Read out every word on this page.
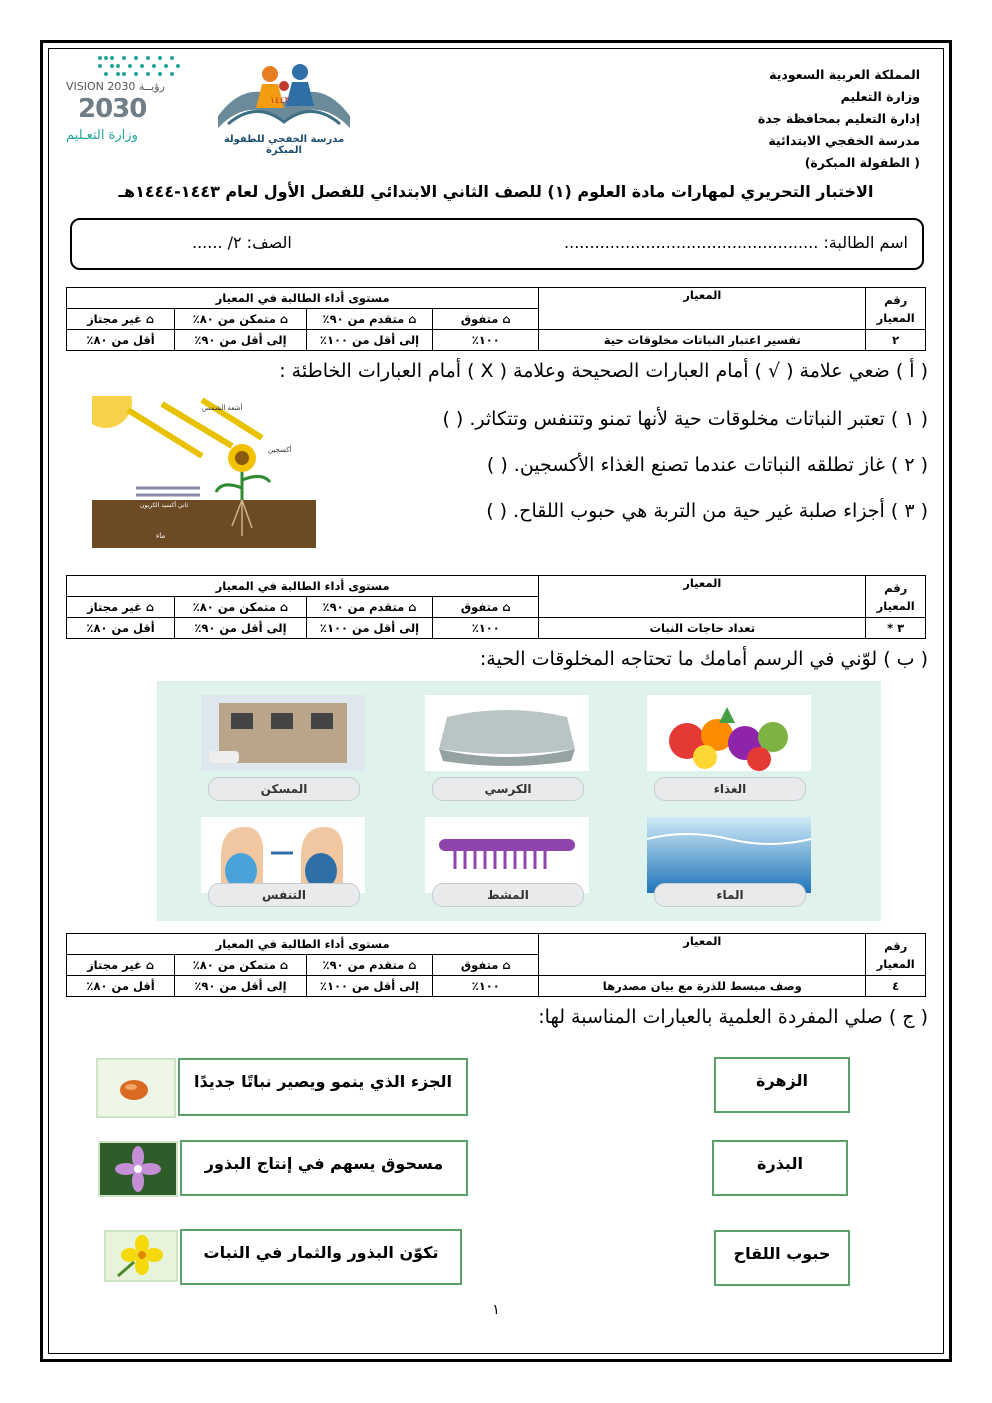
المملكة العربية السعودية
وزارة التعليم
إدارة التعليم بمحافظة جدة
مدرسة الخفجي الابتدائية
( الطفولة المبكرة)
١٤٤٣
مدرسة الخفجي للطفولة المبكرة
رؤيــة VISION 2030
2030
وزارة التعـليم
الاختبار التحريري لمهارات مادة العلوم (١) للصف الثاني الابتدائي للفصل الأول لعام ١٤٤٣-١٤٤٤هـ
اسم الطالبة: ..................................................
الصف: ٢/ ......
رقم المعيار	المعيار	مستوى أداء الطالبة في المعيار			
		⌂ متفوق	⌂ متقدم من ٩٠٪	⌂ متمكن من ٨٠٪	⌂ غير مجتاز
٢	تفسير اعتبار النباتات مخلوقات حية	١٠٠٪	إلى أقل من ١٠٠٪	إلى أقل من ٩٠٪	أقل من ٨٠٪
( أ ) ضعي علامة ( √ ) أمام العبارات الصحيحة وعلامة ( X ) أمام العبارات الخاطئة :
أشعة الشمس
أكسجين
ثاني أكسيد الكربون
ماء
( ١ ) تعتبر النباتات مخلوقات حية لأنها تمنو وتتنفس وتتكاثر. ( )
( ٢ ) غاز تطلقه النباتات عندما تصنع الغذاء الأكسجين. ( )
( ٣ ) أجزاء صلبة غير حية من التربة هي حبوب اللقاح. ( )
رقم المعيار	المعيار	مستوى أداء الطالبة في المعيار			
		⌂ متفوق	⌂ متقدم من ٩٠٪	⌂ متمكن من ٨٠٪	⌂ غير مجتاز
٣ *	تعداد حاجات النبات	١٠٠٪	إلى أقل من ١٠٠٪	إلى أقل من ٩٠٪	أقل من ٨٠٪
( ب ) لوّني في الرسم أمامك ما تحتاجه المخلوقات الحية:
الغذاء
الكرسي
المسكن
الماء
المشط
التنفس
رقم المعيار	المعيار	مستوى أداء الطالبة في المعيار			
		⌂ متفوق	⌂ متقدم من ٩٠٪	⌂ متمكن من ٨٠٪	⌂ غير مجتاز
٤	وصف مبسط للذرة مع بيان مصدرها	١٠٠٪	إلى أقل من ١٠٠٪	إلى أقل من ٩٠٪	أقل من ٨٠٪
( ج ) صلي المفردة العلمية بالعبارات المناسبة لها:
الزهرة
البذرة
حبوب اللقاح
الجزء الذي ينمو ويصير نباتًا جديدًا
مسحوق يسهم في إنتاج البذور
تكوّن البذور والثمار في النبات
١
